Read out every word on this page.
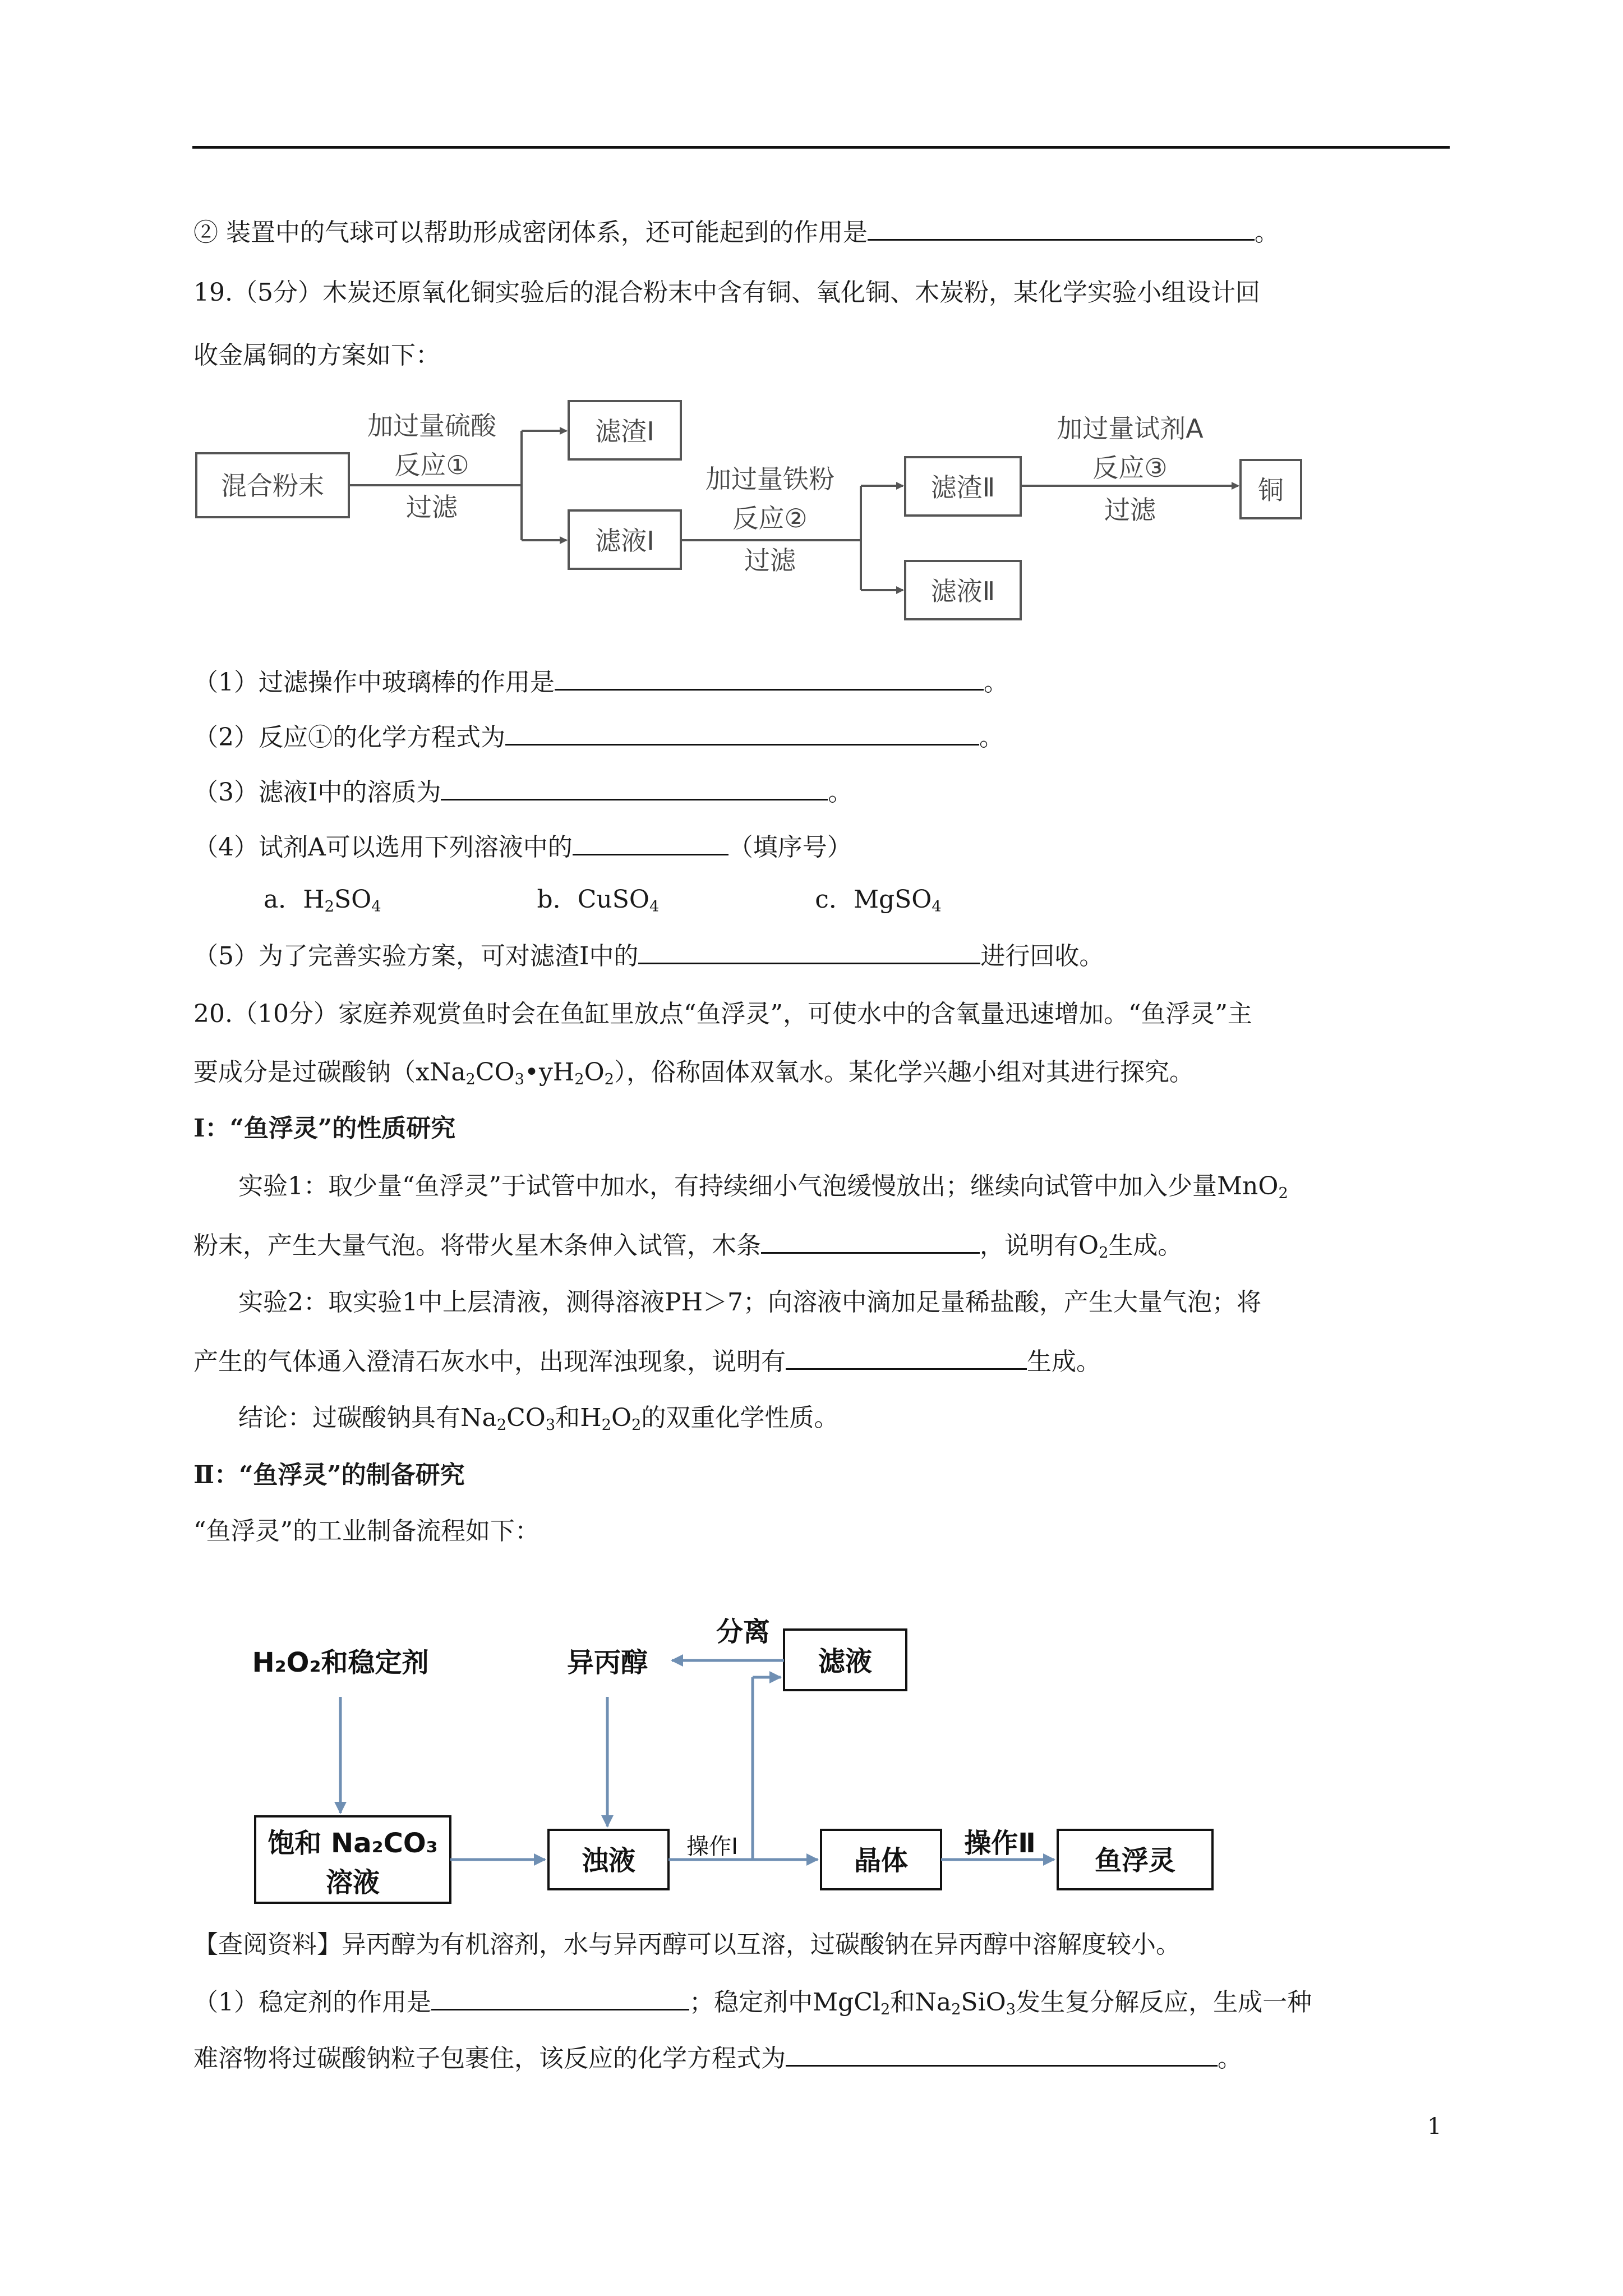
② 装置中的气球可以帮助形成密闭体系，还可能起到的作用是	。
19.（5分）木炭还原氧化铜实验后的混合粉末中含有铜、氧化铜、木炭粉，某化学实验小组设计回
收金属铜的方案如下：
混合粉末
加过量硫酸
反应①
过滤
滤渣Ⅰ
滤液Ⅰ
加过量铁粉
反应②
过滤
滤渣Ⅱ
滤液Ⅱ
加过量试剂A
反应③
过滤
铜
H₂O₂和稳定剂	异丙醇
分离
滤液
饱和 Na₂CO₃
溶液
浊液	晶体
操作Ⅱ
鱼浮灵
操作Ⅰ
（1）过滤操作中玻璃棒的作用是	。
（2）反应①的化学方程式为	。
（3）滤液Ⅰ中的溶质为	。
（4）试剂A可以选用下列溶液中的	（填序号）
a．$H_2SO_4$	b．CuSO$_4$	c．MgSO$_4$
（5）为了完善实验方案，可对滤渣Ⅰ中的	进行回收。
20.（10分）家庭养观赏鱼时会在鱼缸里放点“鱼浮灵”，可使水中的含氧量迅速增加。“鱼浮灵”主
要成分是过碳酸钠$(xNa_2CO_3•yH_2O_2)$，俗称固体双氧水。某化学兴趣小组对其进行探究。
Ⅰ：“鱼浮灵”的性质研究
实验1：取少量“鱼浮灵”于试管中加水，有持续细小气泡缓慢放出；继续向试管中加入少量MnO$_2$
粉末，产生大量气泡。将带火星木条伸入试管，木条	，说明有$O_2$生成。
实验2：取实验1中上层清液，测得溶液PH＞7；向溶液中滴加足量稀盐酸，产生大量气泡；将
产生的气体通入澄清石灰水中，出现浑浊现象，说明有	生成。
结论：过碳酸钠具有$Na_2CO_3$和$H_2O_2$的双重化学性质。
Ⅱ：“鱼浮灵”的制备研究
“鱼浮灵”的工业制备流程如下：
【查阅资料】异丙醇为有机溶剂，水与异丙醇可以互溶，过碳酸钠在异丙醇中溶解度较小。
（1）稳定剂的作用是	；稳定剂中MgCl$_2$和$Na_2SiO_3$发生复分解反应，生成一种
难溶物将过碳酸钠粒子包裹住，该反应的化学方程式为	。
1
